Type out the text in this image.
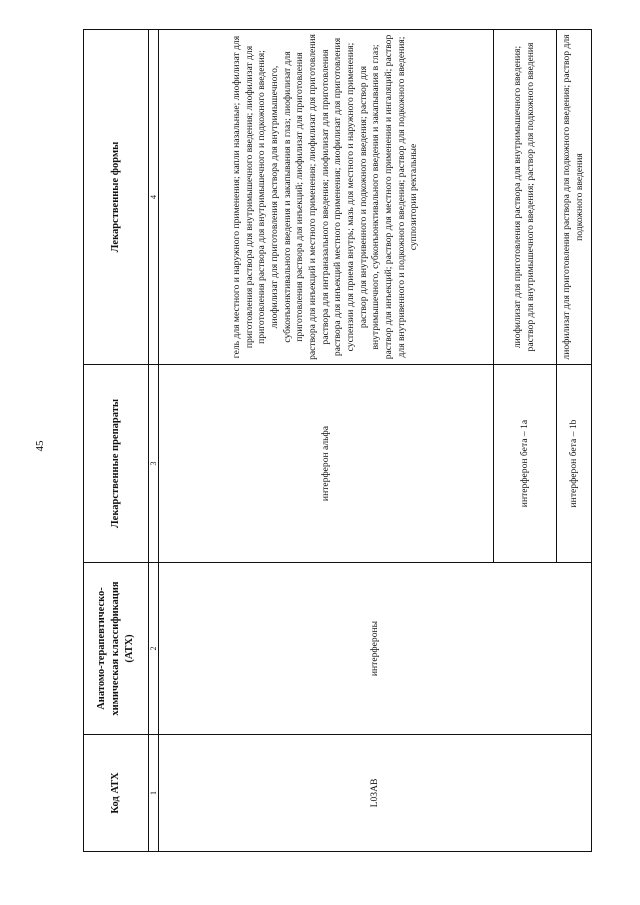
45
Код АТХ	Анатомо-терапевтическо-химическая классификация (АТХ)	Лекарственные препараты	Лекарственные формы
1	2	3	4
L03AB	интерфероны	интерферон альфа	гель для местного и наружного применения; капли назальные; лиофилизат для приготовления раствора для внутримышечного введения; лиофилизат для приготовления раствора для внутримышечного и подкожного введения; лиофилизат для приготовления раствора для внутримышечного, субконъюнктивального введения и закапывания в глаз; лиофилизат для приготовления раствора для инъекций; лиофилизат для приготовления раствора для инъекций и местного применения; лиофилизат для приготовления раствора для интраназального введения; лиофилизат для приготовления раствора для инъекций местного применения; лиофилизат для приготовления суспензии для приема внутрь; мазь для местного и наружного применения; раствор для внутривенного и подкожного введения; раствор для внутримышечного, субконъюнктивального введения и закапывания в глаз; раствор для инъекций; раствор для местного применения и ингаляций; раствор для внутривенного и подкожного введения; раствор для подкожного введения; суппозитории ректальные
		интерферон бета – 1a	лиофилизат для приготовления раствора для внутримышечного введения; раствор для внутримышечного введения; раствор для подкожного введения
		интерферон бета – 1b	лиофилизат для приготовления раствора для подкожного введения; раствор для подкожного введения
